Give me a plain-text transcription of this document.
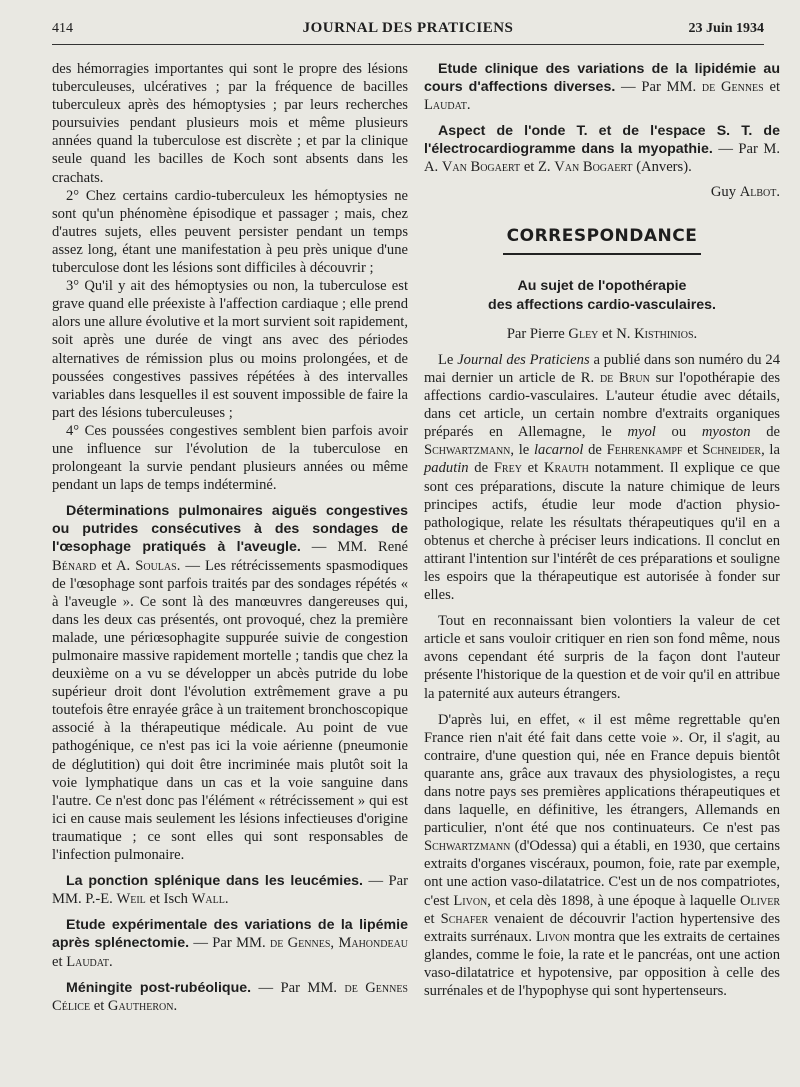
414	JOURNAL DES PRATICIENS	23 Juin 1934

des hémorragies importantes qui sont le propre des lésions tuberculeuses, ulcératives ; par la fréquence de bacilles tuberculeux après des hémoptysies ; par leurs recherches poursuivies pendant plusieurs mois et même plusieurs années quand la tuberculose est discrète ; et par la clinique seule quand les bacilles de Koch sont absents dans les crachats.

2° Chez certains cardio-tuberculeux les hémoptysies ne sont qu'un phénomène épisodique et passager ; mais, chez d'autres sujets, elles peuvent persister pendant un temps assez long, étant une manifestation à peu près unique d'une tuberculose dont les lésions sont difficiles à découvrir ;

3° Qu'il y ait des hémoptysies ou non, la tuberculose est grave quand elle préexiste à l'affection cardiaque ; elle prend alors une allure évolutive et la mort survient soit rapidement, soit après une durée de vingt ans avec des périodes alternatives de rémission plus ou moins prolongées, et de poussées congestives passives répétées à des intervalles variables dans lesquelles il est souvent impossible de faire la part des lésions tuberculeuses ;

4° Ces poussées congestives semblent bien parfois avoir une influence sur l'évolution de la tuberculose en prolongeant la survie pendant plusieurs années ou même pendant un laps de temps indéterminé.

Déterminations pulmonaires aiguës congestives ou putrides consécutives à des sondages de l'œsophage pratiqués à l'aveugle. — MM. René Bénard et A. Soulas. — Les rétrécissements spasmodiques de l'œsophage sont parfois traités par des sondages répétés « à l'aveugle ». Ce sont là des manœuvres dangereuses qui, dans les deux cas présentés, ont provoqué, chez la première malade, une périœsophagite suppurée suivie de congestion pulmonaire massive rapidement mortelle ; tandis que chez la deuxième on a vu se développer un abcès putride du lobe supérieur droit dont l'évolution extrêmement grave a pu toutefois être enrayée grâce à un traitement bronchoscopique associé à la thérapeutique médicale. Au point de vue pathogénique, ce n'est pas ici la voie aérienne (pneumonie de déglutition) qui doit être incriminée mais plutôt soit la voie lymphatique dans un cas et la voie sanguine dans l'autre. Ce n'est donc pas l'élément « rétrécissement » qui est ici en cause mais seulement les lésions infectieuses d'origine traumatique ; ce sont elles qui sont responsables de l'infection pulmonaire.

La ponction splénique dans les leucémies. — Par MM. P.-E. Weil et Isch Wall.

Etude expérimentale des variations de la lipémie après splénectomie. — Par MM. de Gennes, Mahondeau et Laudat.

Méningite post-rubéolique. — Par MM. de Gennes Célice et Gautheron.

Etude clinique des variations de la lipidémie au cours d'affections diverses. — Par MM. de Gennes et Laudat.

Aspect de l'onde T. et de l'espace S. T. de l'électrocardiogramme dans la myopathie. — Par M. A. Van Bogaert et Z. Van Bogaert (Anvers).

Guy Albot.

CORRESPONDANCE
Au sujet de l'opothérapie
des affections cardio-vasculaires.

Par Pierre Gley et N. Kisthinios.

Le Journal des Praticiens a publié dans son numéro du 24 mai dernier un article de R. de Brun sur l'opothérapie des affections cardio-vasculaires. L'auteur étudie avec détails, dans cet article, un certain nombre d'extraits organiques préparés en Allemagne, le myol ou myoston de Schwartzmann, le lacarnol de Fehrenkampf et Schneider, la padutin de Frey et Krauth notamment. Il explique ce que sont ces préparations, discute la nature chimique de leurs principes actifs, étudie leur mode d'action physio-pathologique, relate les résultats thérapeutiques qu'il en a obtenus et cherche à préciser leurs indications. Il conclut en attirant l'intention sur l'intérêt de ces préparations et souligne les espoirs que la thérapeutique est autorisée à fonder sur elles.

Tout en reconnaissant bien volontiers la valeur de cet article et sans vouloir critiquer en rien son fond même, nous avons cependant été surpris de la façon dont l'auteur présente l'historique de la question et de voir qu'il en attribue la paternité aux auteurs étrangers.

D'après lui, en effet, « il est même regrettable qu'en France rien n'ait été fait dans cette voie ». Or, il s'agit, au contraire, d'une question qui, née en France depuis bientôt quarante ans, grâce aux travaux des physiologistes, a reçu dans notre pays ses premières applications thérapeutiques et dans laquelle, en définitive, les étrangers, Allemands en particulier, n'ont été que nos continuateurs. Ce n'est pas Schwartzmann (d'Odessa) qui a établi, en 1930, que certains extraits d'organes viscéraux, poumon, foie, rate par exemple, ont une action vaso-dilatatrice. C'est un de nos compatriotes, c'est Livon, et cela dès 1898, à une époque à laquelle Oliver et Schafer venaient de découvrir l'action hypertensive des extraits surrénaux. Livon montra que les extraits de certaines glandes, comme le foie, la rate et le pancréas, ont une action vaso-dilatatrice et hypotensive, par opposition à celle des surrénales et de l'hypophyse qui sont hypertenseurs.
